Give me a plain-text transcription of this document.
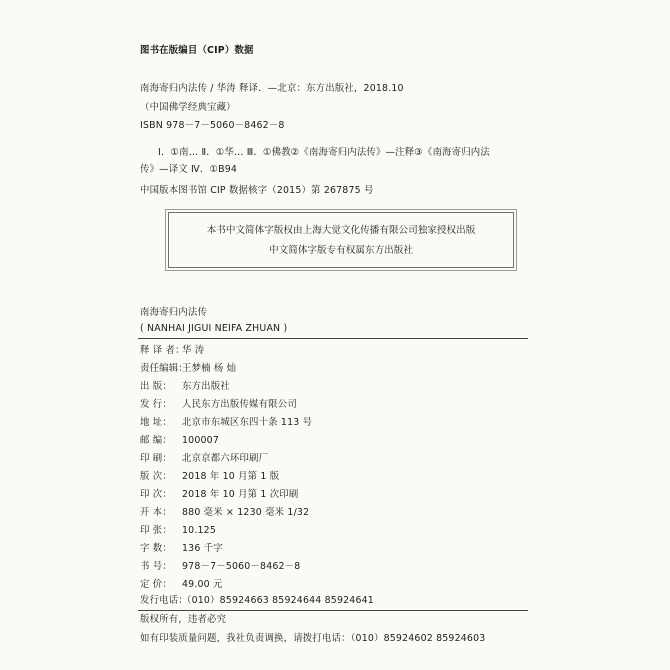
图书在版编目（CIP）数据
南海寄归内法传 / 华涛 释译．—北京：东方出版社，2018.10
（中国佛学经典宝藏）
ISBN 978－7－5060－8462－8
Ⅰ．①南… Ⅱ．①华… Ⅲ．①佛教②《南海寄归内法传》—注释③《南海寄归内法
传》—译文 Ⅳ．①B94
中国版本图书馆 CIP 数据核字（2015）第 267875 号
本书中文简体字版权由上海大觉文化传播有限公司独家授权出版
中文简体字版专有权属东方出版社
南海寄归内法传
( NANHAI JIGUI NEIFA ZHUAN )
释 译 者：华 涛
责任编辑：王梦楠 杨 灿
出 版： 东方出版社
发 行： 人民东方出版传媒有限公司
地 址： 北京市东城区东四十条 113 号
邮 编： 100007
印 刷： 北京京都六环印刷厂
版 次： 2018 年 10 月第 1 版
印 次： 2018 年 10 月第 1 次印刷
开 本： 880 毫米 × 1230 毫米 1/32
印 张： 10.125
字 数： 136 千字
书 号： 978－7－5060－8462－8
定 价： 49.00 元
发行电话：（010）85924663 85924644 85924641
版权所有，违者必究
如有印装质量问题，我社负责调换，请拨打电话：（010）85924602 85924603
